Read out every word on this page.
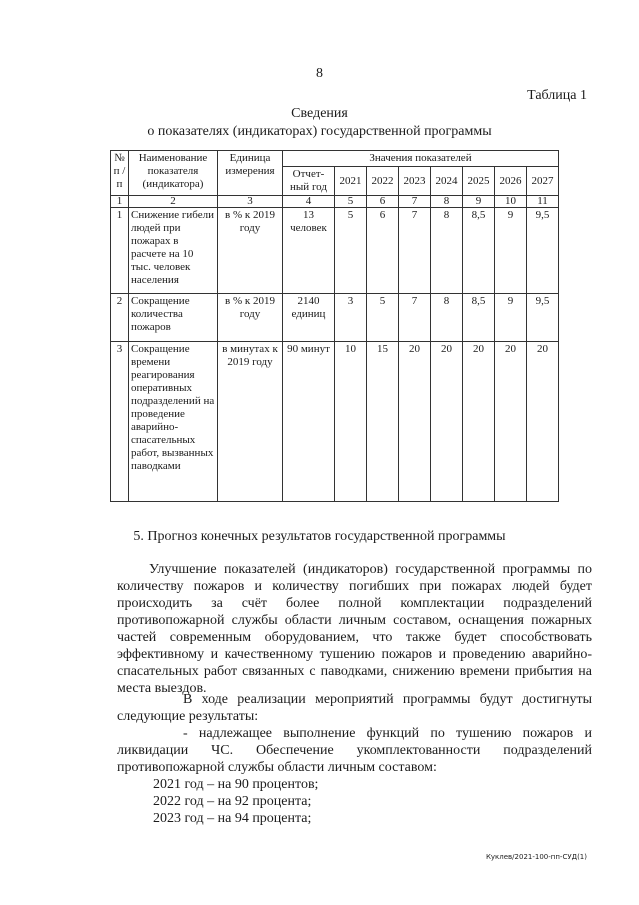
8
Таблица 1
Сведения
о показателях (индикаторах) государственной программы
№ п /п	Наименование показателя (индикатора)	Единица измерения	Значения показателей							
			Отчет-ный год	2021	2022	2023	2024	2025	2026	2027
1	2	3	4	5	6	7	8	9	10	11
1	Снижение гибели людей при пожарах в расчете на 10 тыс. человек населения	в % к 2019 году	13 человек	5	6	7	8	8,5	9	9,5
2	Сокращение количества пожаров	в % к 2019 году	2140 единиц	3	5	7	8	8,5	9	9,5
3	Сокращение времени реагирования оперативных подразделений на проведение аварийно-спасательных работ, вызванных паводками	в минутах к 2019 году	90 минут	10	15	20	20	20	20	20
5. Прогноз конечных результатов государственной программы
Улучшение показателей (индикаторов) государственной программы по количеству пожаров и количеству погибших при пожарах людей будет происходить за счёт более полной комплектации подразделений противопожарной службы области личным составом, оснащения пожарных частей современным оборудованием, что также будет способствовать эффективному и качественному тушению пожаров и проведению аварийно-спасательных работ связанных с паводками, снижению времени прибытия на места выездов.
В ходе реализации мероприятий программы будут достигнуты следующие результаты:
- надлежащее выполнение функций по тушению пожаров и ликвидации ЧС. Обеспечение укомплектованности подразделений противопожарной службы области личным составом:
2021 год – на 90 процентов;
2022 год – на 92 процента;
2023 год – на 94 процента;
Куклев/2021-100-пп-СУД(1)
